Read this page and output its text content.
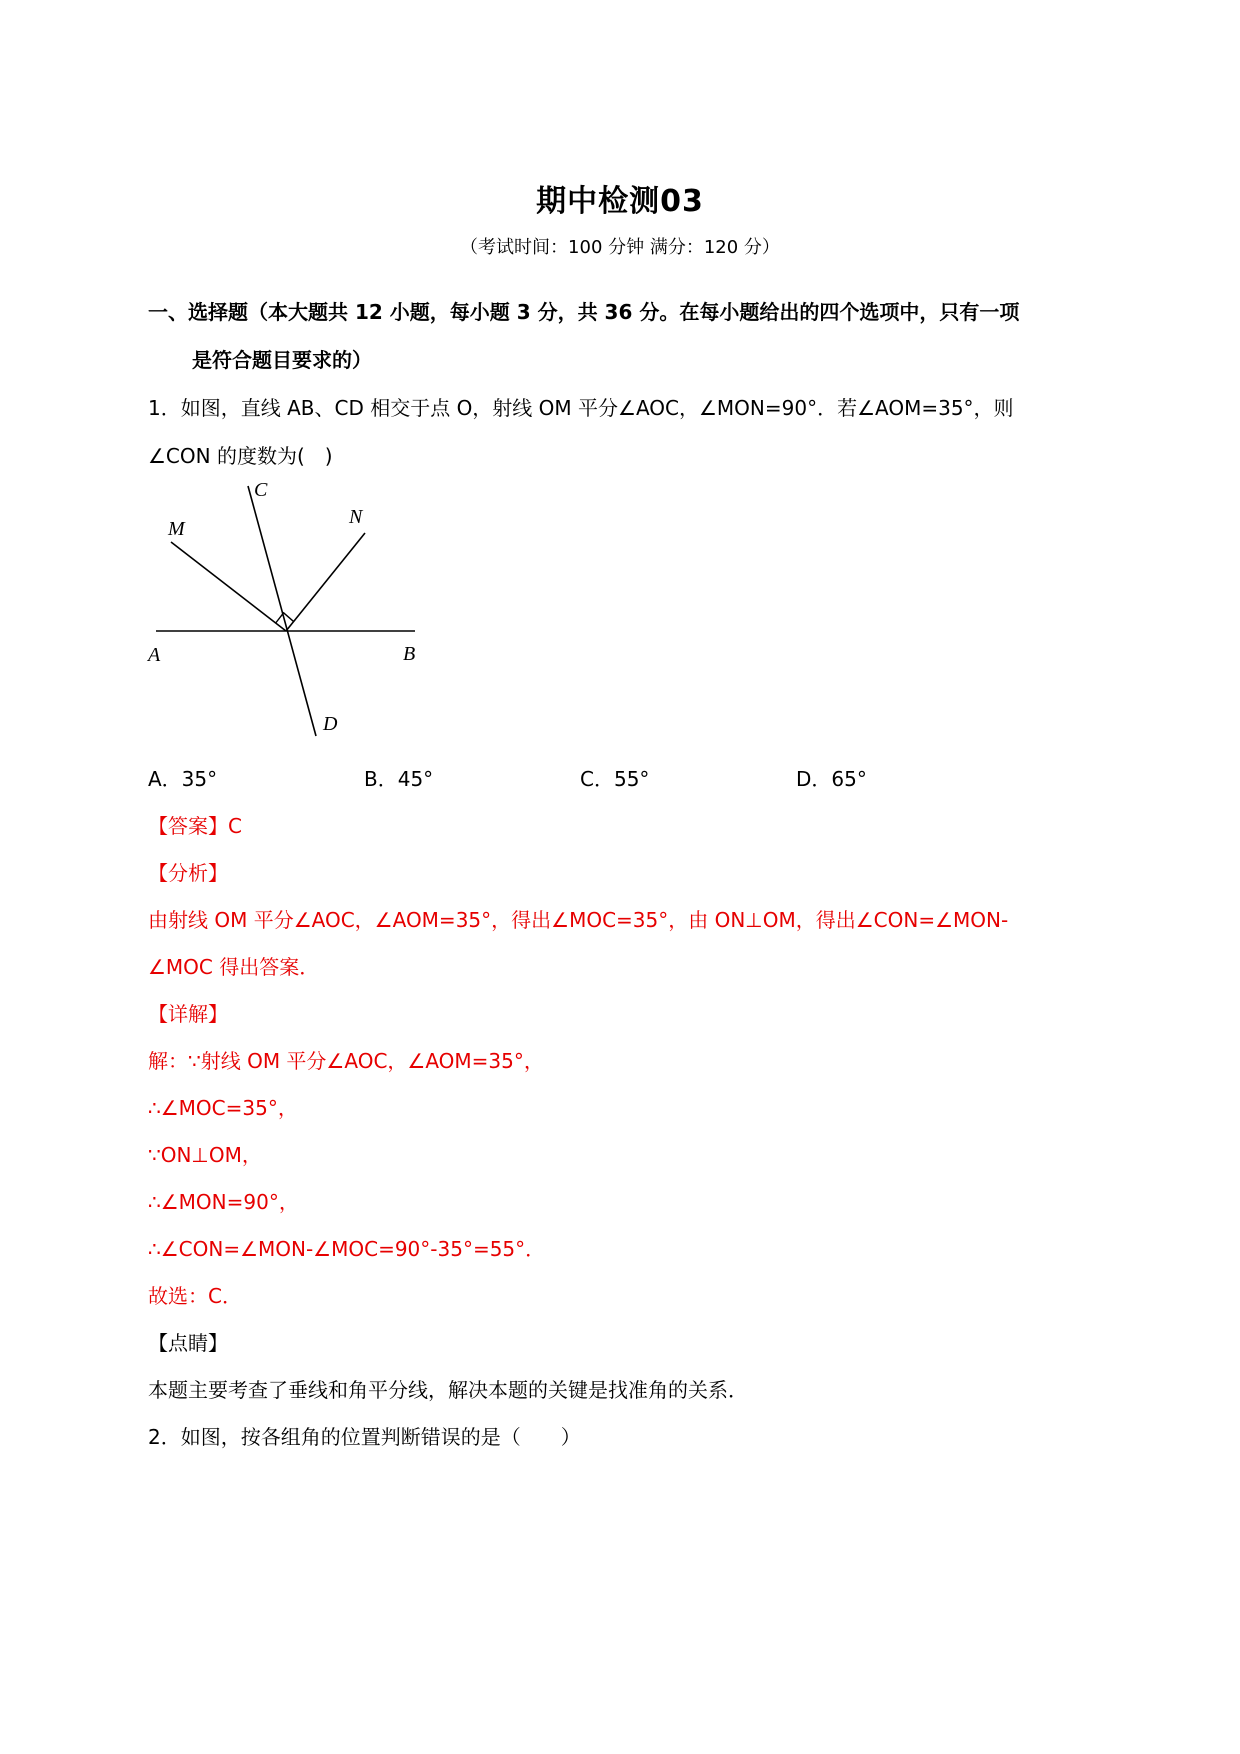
期中检测03
（考试时间：100 分钟 满分：120 分）
一、选择题（本大题共 12 小题，每小题 3 分，共 36 分。在每小题给出的四个选项中，只有一项
是符合题目要求的）
1．如图，直线 AB、CD 相交于点 O，射线 OM 平分∠AOC，∠MON=90°．若∠AOM=35°，则
∠CON 的度数为(　)
C
M
N
A	B
D
A．35°	B．45°	C．55°	D．65°
【答案】C
【分析】
由射线 OM 平分∠AOC，∠AOM=35°，得出∠MOC=35°，由 ON⊥OM，得出∠CON=∠MON-
∠MOC 得出答案．
【详解】
解：∵射线 OM 平分∠AOC，∠AOM=35°，
∴∠MOC=35°，
∵ON⊥OM，
∴∠MON=90°，
∴∠CON=∠MON-∠MOC=90°-35°=55°．
故选：C．
【点睛】
本题主要考查了垂线和角平分线，解决本题的关键是找准角的关系．
2．如图，按各组角的位置判断错误的是（　　）
